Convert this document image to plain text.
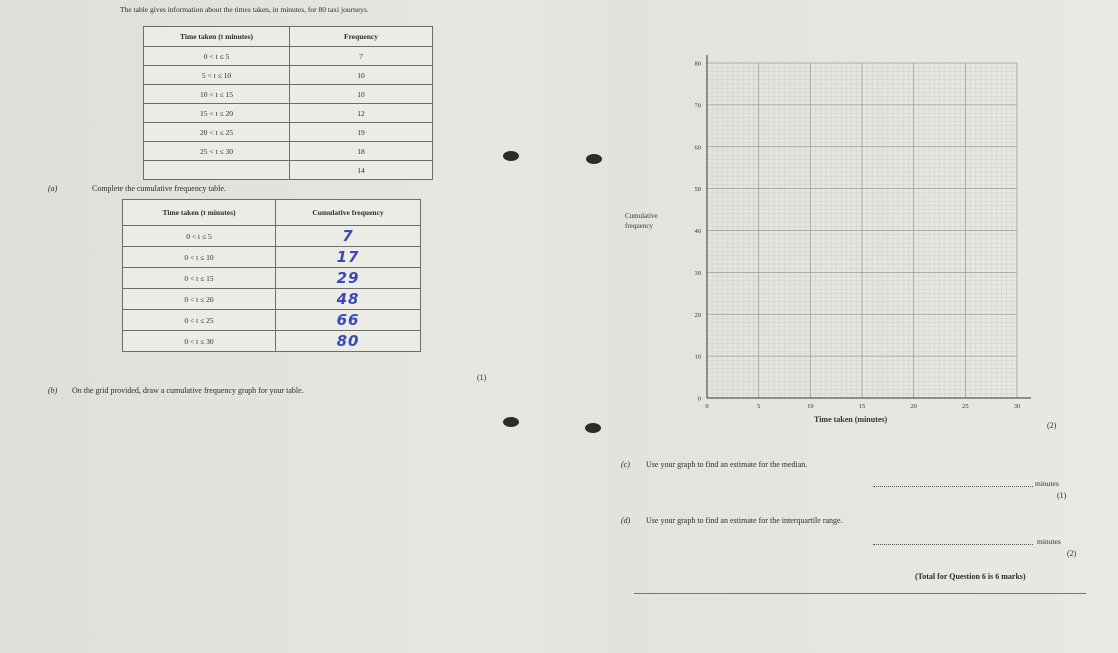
The table gives information about the times taken, in minutes, for 80 taxi journeys.
Time taken (t minutes)	Frequency
0 < t ≤ 5	7
5 < t ≤ 10	10
10 < t ≤ 15	10
15 < t ≤ 20	12
20 < t ≤ 25	19
25 < t ≤ 30	18
	14
(a)	Complete the cumulative frequency table.
Time taken (t minutes)	Cumulative frequency
0 < t ≤ 5	7
0 < t ≤ 10	17
0 < t ≤ 15	29
0 < t ≤ 20	48
0 < t ≤ 25	66
0 < t ≤ 30	80
(1)
(b) On the grid provided, draw a cumulative frequency graph for your table.
80
70
60
50
40
30
20
10
0
0	5	10	15	20	25	30
Cumulative
frequency
Time taken (minutes)
(2)
(c) Use your graph to find an estimate for the median.
minutes
(1)
(d) Use your graph to find an estimate for the interquartile range.
minutes
(2)
(Total for Question 6 is 6 marks)
